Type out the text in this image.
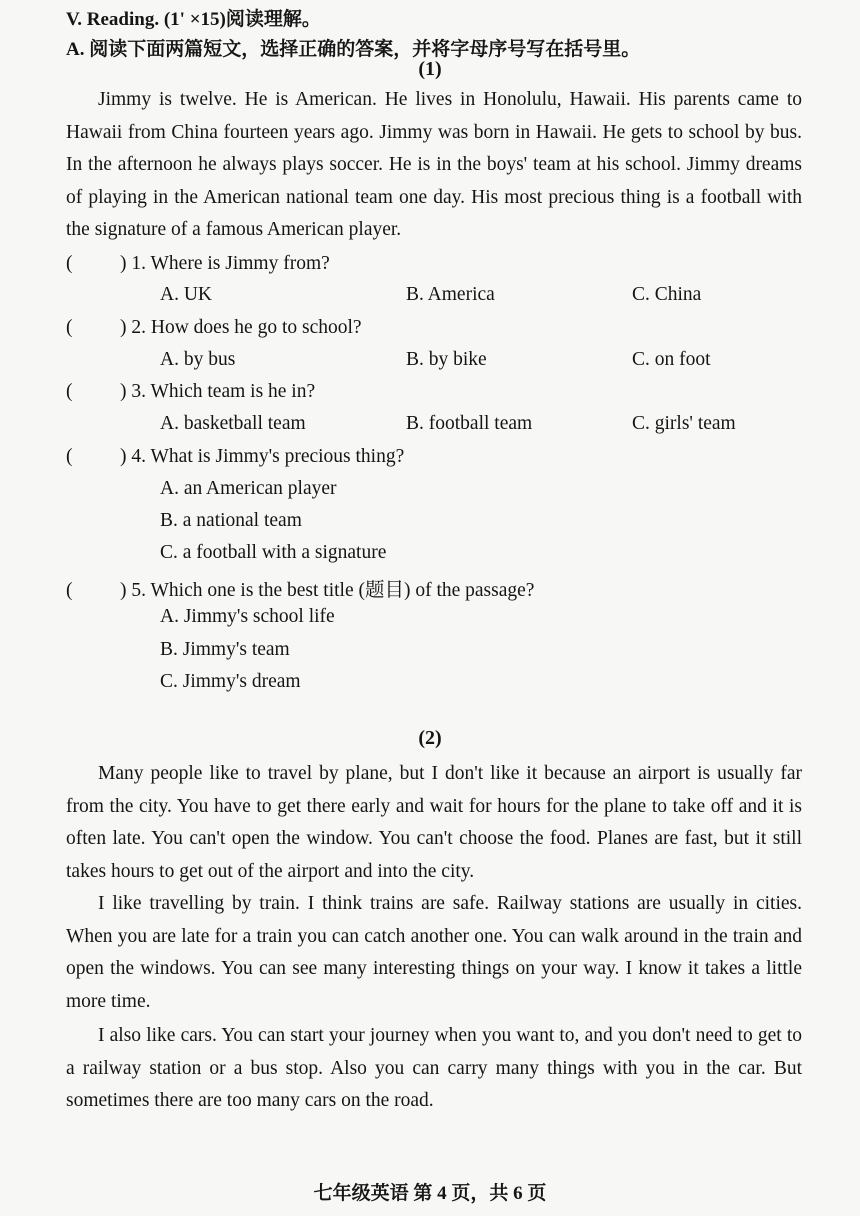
V. Reading. (1' ×15)阅读理解。
A. 阅读下面两篇短文，选择正确的答案，并将字母序号写在括号里。
(1)
Jimmy is twelve. He is American. He lives in Honolulu, Hawaii. His parents came to Hawaii from China fourteen years ago. Jimmy was born in Hawaii. He gets to school by bus. In the afternoon he always plays soccer. He is in the boys' team at his school. Jimmy dreams of playing in the American national team one day. His most precious thing is a football with the signature of a famous American player.
( ) 1. Where is Jimmy from?
A. UK	B. America	C. China
( ) 2. How does he go to school?
A. by bus	B. by bike	C. on foot
( ) 3. Which team is he in?
A. basketball team	B. football team	C. girls' team
( ) 4. What is Jimmy's precious thing?
A. an American player
B. a national team
C. a football with a signature
( ) 5. Which one is the best title (题目) of the passage?
A. Jimmy's school life
B. Jimmy's team
C. Jimmy's dream
(2)
Many people like to travel by plane, but I don't like it because an airport is usually far from the city. You have to get there early and wait for hours for the plane to take off and it is often late. You can't open the window. You can't choose the food. Planes are fast, but it still takes hours to get out of the airport and into the city.
I like travelling by train. I think trains are safe. Railway stations are usually in cities. When you are late for a train you can catch another one. You can walk around in the train and open the windows. You can see many interesting things on your way. I know it takes a little more time.
I also like cars. You can start your journey when you want to, and you don't need to get to a railway station or a bus stop. Also you can carry many things with you in the car. But sometimes there are too many cars on the road.
七年级英语 第 4 页，共 6 页
